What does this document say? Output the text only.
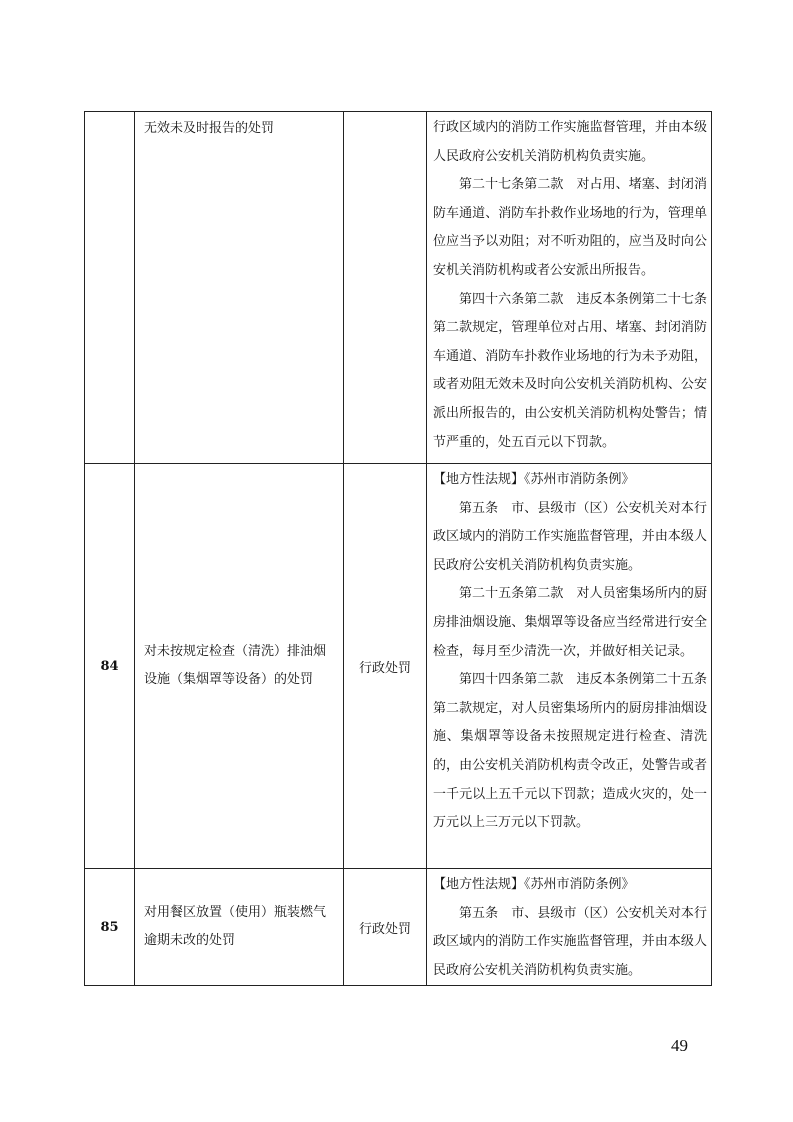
	无效未及时报告的处罚		行政区域内的消防工作实施监督管理，并由本级人民政府公安机关消防机构负责实施。

第二十七条第二款　对占用、堵塞、封闭消防车通道、消防车扑救作业场地的行为，管理单位应当予以劝阻；对不听劝阻的，应当及时向公安机关消防机构或者公安派出所报告。

第四十六条第二款　违反本条例第二十七条第二款规定，管理单位对占用、堵塞、封闭消防车通道、消防车扑救作业场地的行为未予劝阻，或者劝阻无效未及时向公安机关消防机构、公安派出所报告的，由公安机关消防机构处警告；情节严重的，处五百元以下罚款。

84	对未按规定检查（清洗）排油烟设施（集烟罩等设备）的处罚	行政处罚	【地方性法规】《苏州市消防条例》

第五条　市、县级市（区）公安机关对本行政区域内的消防工作实施监督管理，并由本级人民政府公安机关消防机构负责实施。

第二十五条第二款　对人员密集场所内的厨房排油烟设施、集烟罩等设备应当经常进行安全检查，每月至少清洗一次，并做好相关记录。

第四十四条第二款　违反本条例第二十五条第二款规定，对人员密集场所内的厨房排油烟设施、集烟罩等设备未按照规定进行检查、清洗的，由公安机关消防机构责令改正，处警告或者一千元以上五千元以下罚款；造成火灾的，处一万元以上三万元以下罚款。

85	对用餐区放置（使用）瓶装燃气逾期未改的处罚	行政处罚	【地方性法规】《苏州市消防条例》

第五条　市、县级市（区）公安机关对本行政区域内的消防工作实施监督管理，并由本级人民政府公安机关消防机构负责实施。

49
